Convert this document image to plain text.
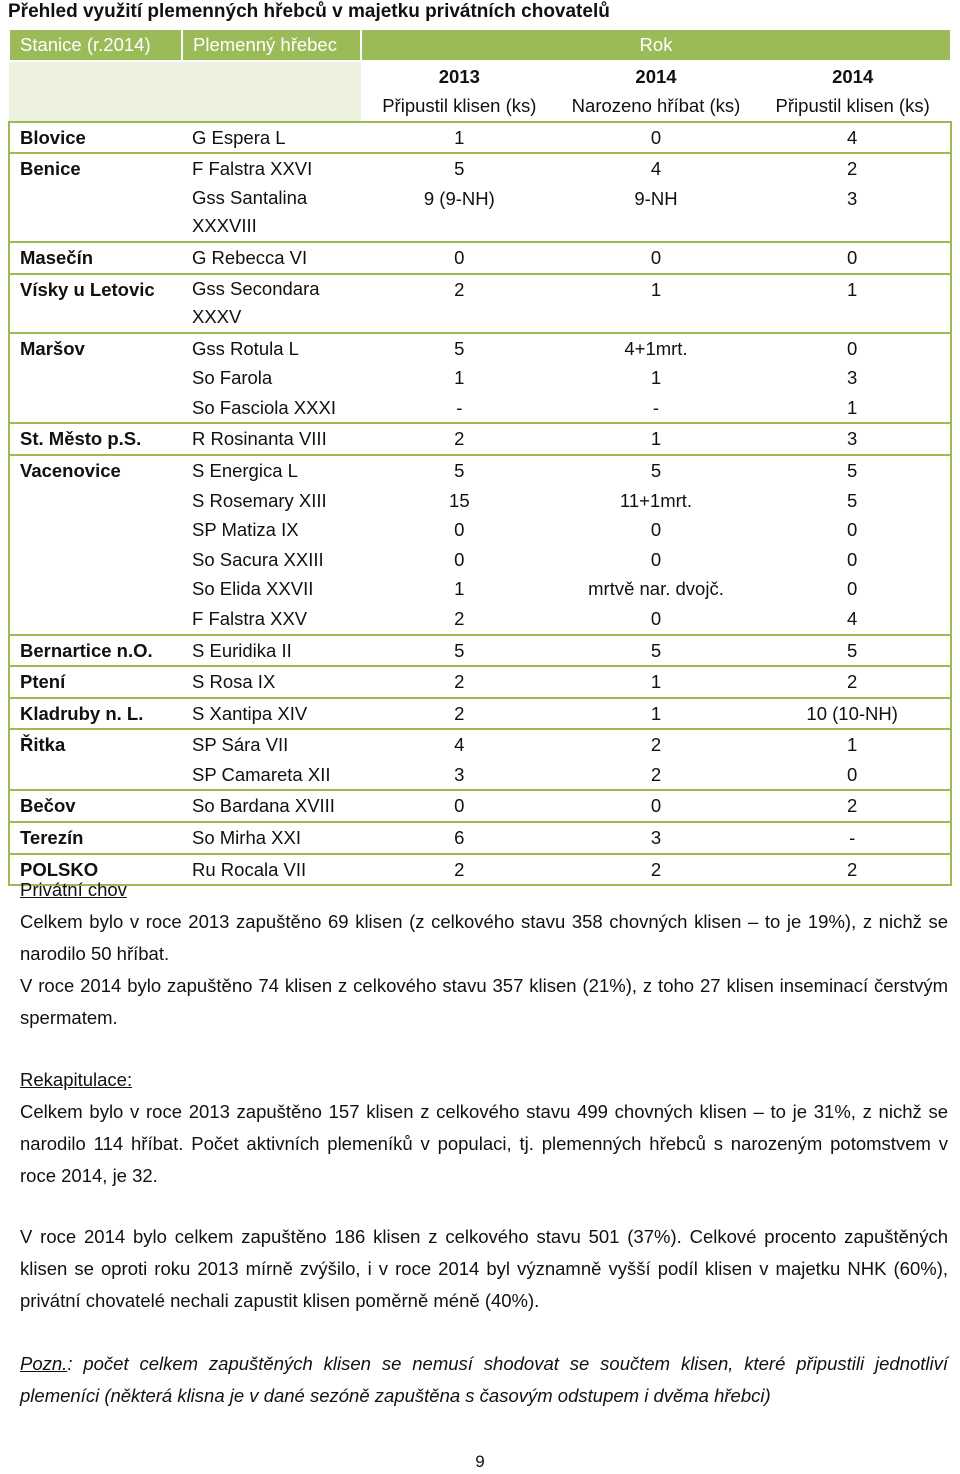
Přehled využití plemenných hřebců v majetku privátních chovatelů
Stanice (r.2014)	Plemenný hřebec	Rok		
		2013	2014	2014
		Připustil klisen (ks)	Narozeno hříbat (ks)	Připustil klisen (ks)
Blovice	G Espera L	1	0	4
Benice	F Falstra XXVI	5	4	2
	Gss Santalina XXXVIII	9 (9-NH)	9-NH	3
Masečín	G Rebecca VI	0	0	0
Vísky u Letovic	Gss Secondara XXXV	2	1	1
Maršov	Gss Rotula L	5	4+1mrt.	0
	So Farola	1	1	3
	So Fasciola XXXI	-	-	1
St. Město p.S.	R Rosinanta VIII	2	1	3
Vacenovice	S Energica L	5	5	5
	S Rosemary XIII	15	11+1mrt.	5
	SP Matiza IX	0	0	0
	So Sacura XXIII	0	0	0
	So Elida XXVII	1	mrtvě nar. dvojč.	0
	F Falstra XXV	2	0	4
Bernartice n.O.	S Euridika II	5	5	5
Ptení	S Rosa IX	2	1	2
Kladruby n. L.	S Xantipa XIV	2	1	10 (10-NH)
Řitka	SP Sára VII	4	2	1
	SP Camareta XII	3	2	0
Bečov	So Bardana XVIII	0	0	2
Terezín	So Mirha XXI	6	3	-
POLSKO	Ru Rocala VII	2	2	2
Privátní chov
Celkem bylo v roce 2013 zapuštěno 69 klisen (z celkového stavu 358 chovných klisen – to je 19%), z nichž se narodilo 50 hříbat.
V roce 2014 bylo zapuštěno 74 klisen z celkového stavu 357 klisen (21%), z toho 27 klisen inseminací čerstvým spermatem.
Rekapitulace:
Celkem bylo v roce 2013 zapuštěno 157 klisen z celkového stavu 499 chovných klisen – to je 31%, z nichž se narodilo 114 hříbat. Počet aktivních plemeníků v populaci, tj. plemenných hřebců s narozeným potomstvem v roce 2014, je 32.
V roce 2014 bylo celkem zapuštěno 186 klisen z celkového stavu 501 (37%). Celkové procento zapuštěných klisen se oproti roku 2013 mírně zvýšilo, i v roce 2014 byl významně vyšší podíl klisen v majetku NHK (60%), privátní chovatelé nechali zapustit klisen poměrně méně (40%).
Pozn.: počet celkem zapuštěných klisen se nemusí shodovat se součtem klisen, které připustili jednotliví plemeníci (některá klisna je v dané sezóně zapuštěna s časovým odstupem i dvěma hřebci)
9
